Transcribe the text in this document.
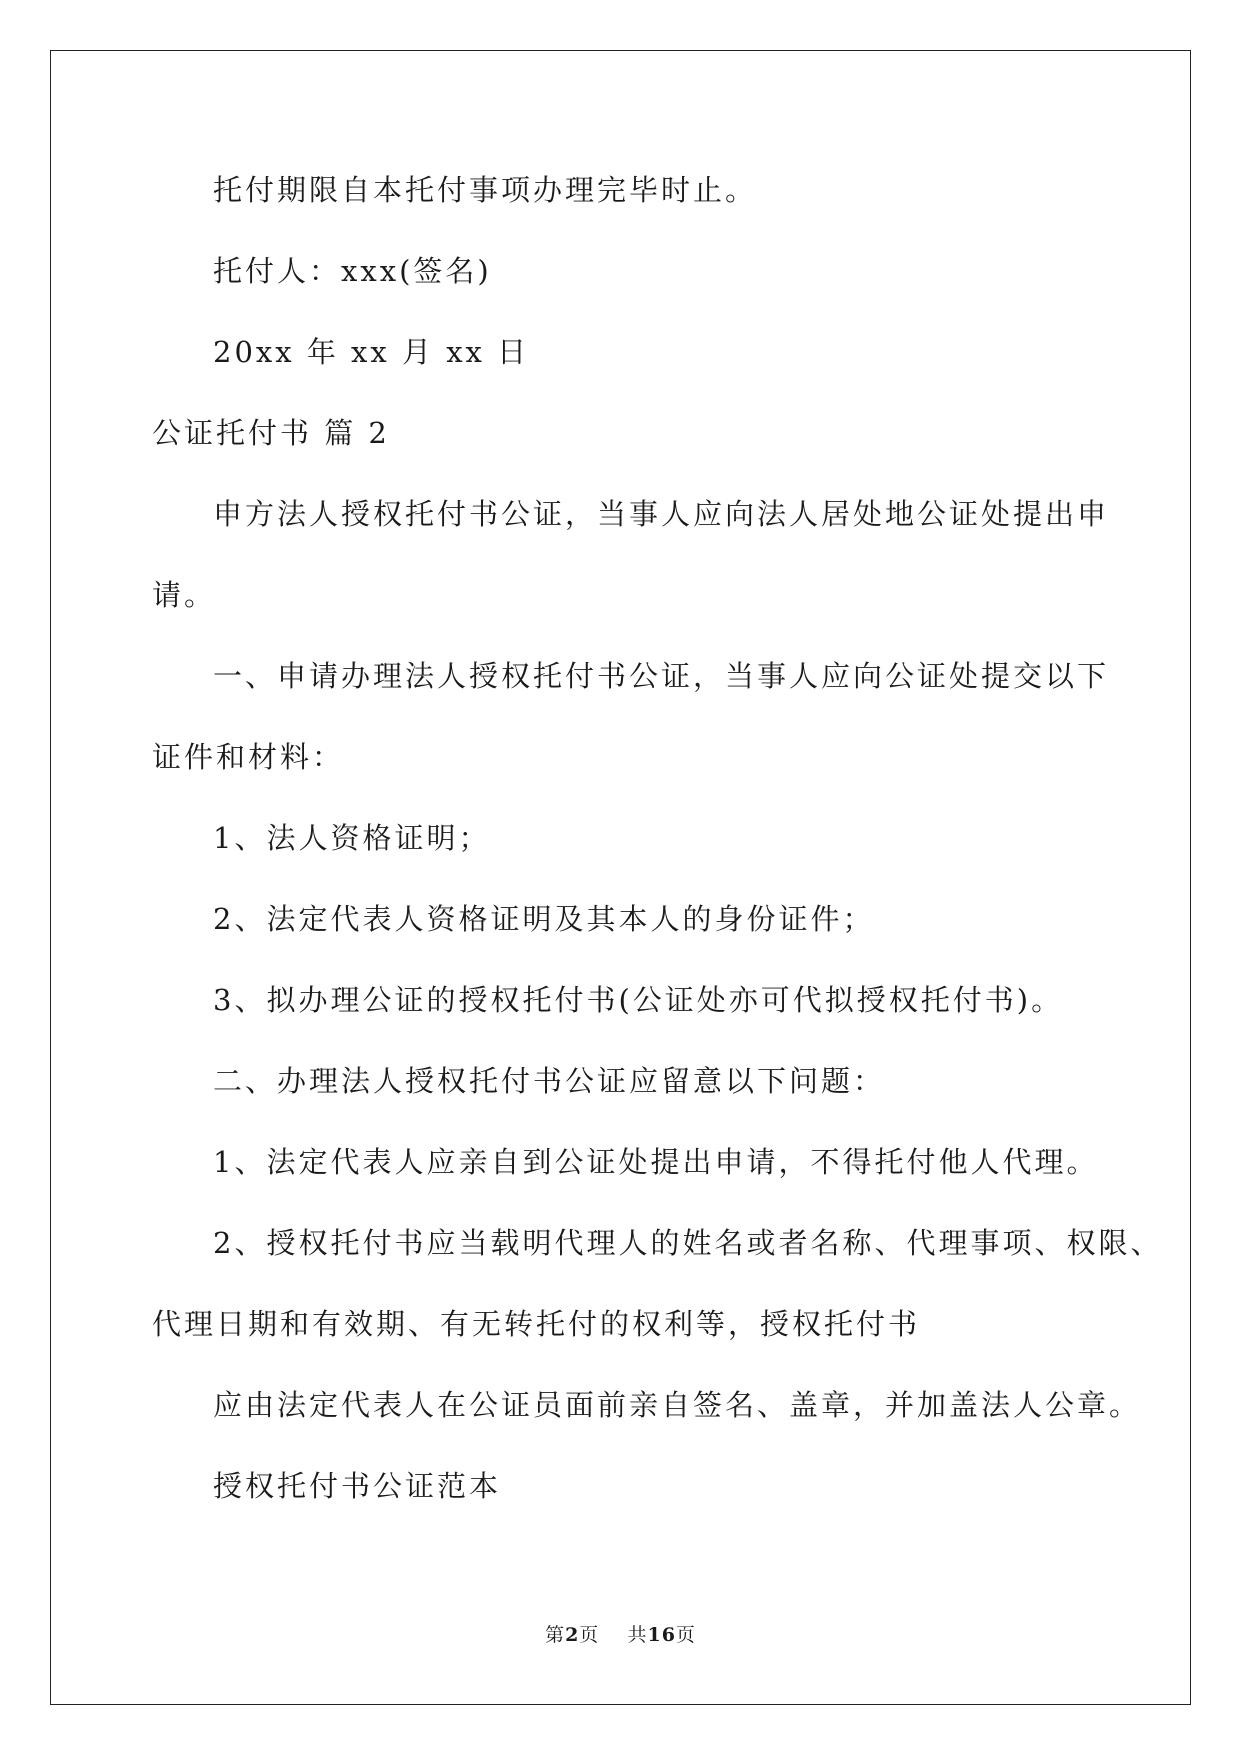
托付期限自本托付事项办理完毕时止。
托付人：xxx(签名)
20xx 年 xx 月 xx 日
公证托付书 篇 2
申方法人授权托付书公证，当事人应向法人居处地公证处提出申
请。
一、申请办理法人授权托付书公证，当事人应向公证处提交以下
证件和材料：
1、法人资格证明；
2、法定代表人资格证明及其本人的身份证件；
3、拟办理公证的授权托付书(公证处亦可代拟授权托付书)。
二、办理法人授权托付书公证应留意以下问题：
1、法定代表人应亲自到公证处提出申请，不得托付他人代理。
2、授权托付书应当载明代理人的姓名或者名称、代理事项、权限、
代理日期和有效期、有无转托付的权利等，授权托付书
应由法定代表人在公证员面前亲自签名、盖章，并加盖法人公章。
授权托付书公证范本
第2页    共16页
